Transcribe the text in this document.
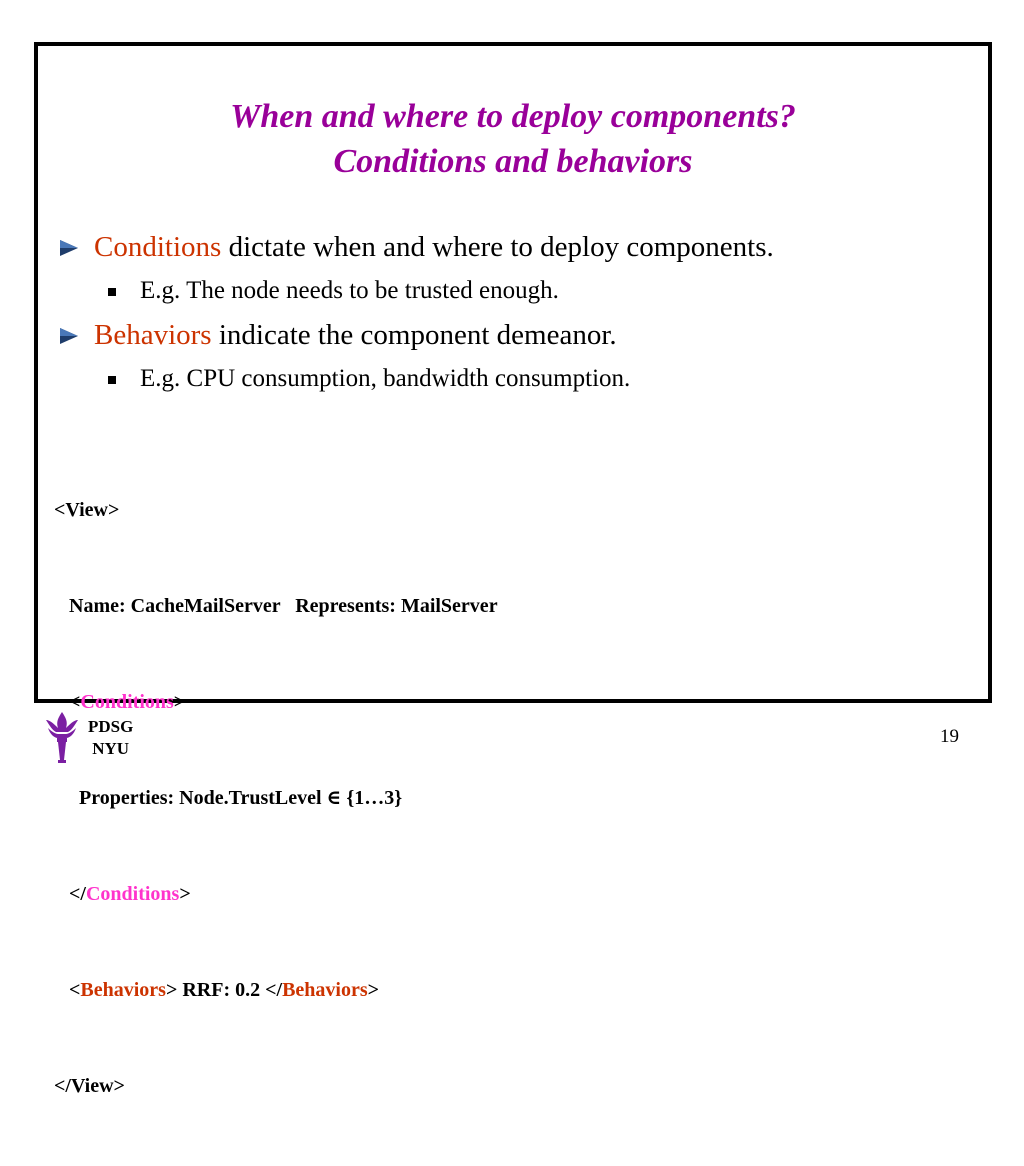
When and where to deploy components?
Conditions and behaviors
Conditions dictate when and where to deploy components.
E.g. The node needs to be trusted enough.
Behaviors indicate the component demeanor.
E.g. CPU consumption, bandwidth consumption.

<View>

Name: CacheMailServer   Represents: MailServer

<Conditions>

Properties: Node.TrustLevel ∈ {1…3}

</Conditions>

<Behaviors> RRF: 0.2 </Behaviors>

</View>

PDSG
NYU
19
